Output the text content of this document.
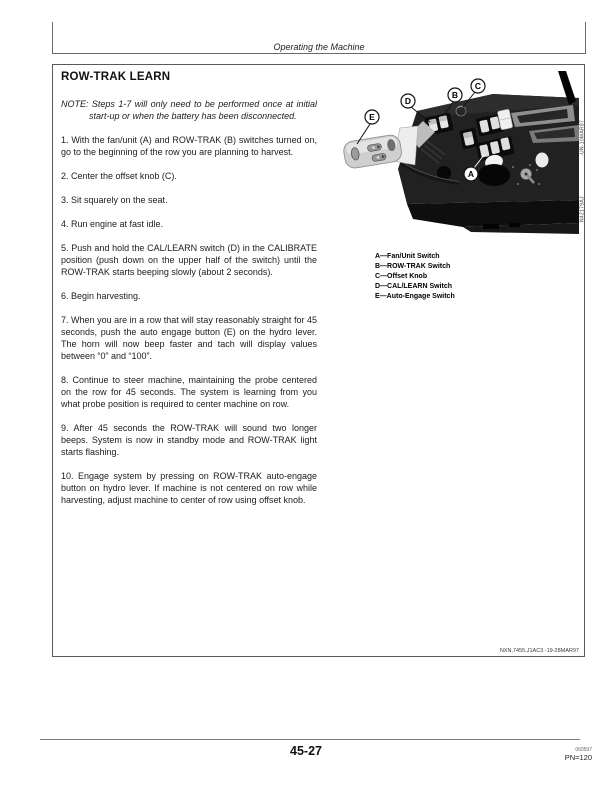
Operating the Machine
ROW-TRAK LEARN

NOTE: Steps 1-7 will only need to be performed once at initial start-up or when the battery has been disconnected.

1. With the fan/unit (A) and ROW-TRAK (B) switches turned on, go to the beginning of the row you are planning to harvest.

2. Center the offset knob (C).

3. Sit squarely on the seat.

4. Run engine at fast idle.

5. Push and hold the CAL/LEARN switch (D) in the CALIBRATE position (push down on the upper half of the switch) until the ROW-TRAK starts beeping slowly (about 2 seconds).

6. Begin harvesting.

7. When you are in a row that will stay reasonably straight for 45 seconds, push the auto engage button (E) on the hydro lever. The horn will now beep faster and tach will display values between “0” and “100”.

8. Continue to steer machine, maintaining the probe centered on the row for 45 seconds. The system is learning from you what probe position is required to center machine on row.

9. After 45 seconds the ROW-TRAK will sound two longer beeps. System is now in standby mode and ROW-TRAK light starts flashing.

10. Engage system by pressing on ROW-TRAK auto-engage button on hydro lever. If machine is not centered on row while harvesting, adjust machine to center of row using offset knob.

E
D
B
C
A
N42179AJ
-UN-10MAR97
A—Fan/Unit Switch
B—ROW-TRAK Switch
C—Offset Knob
D—CAL/LEARN Switch
E—Auto-Engage Switch
NXN,7455,J1AC3 -19-28MAR97
45-27	060597
PN=120
